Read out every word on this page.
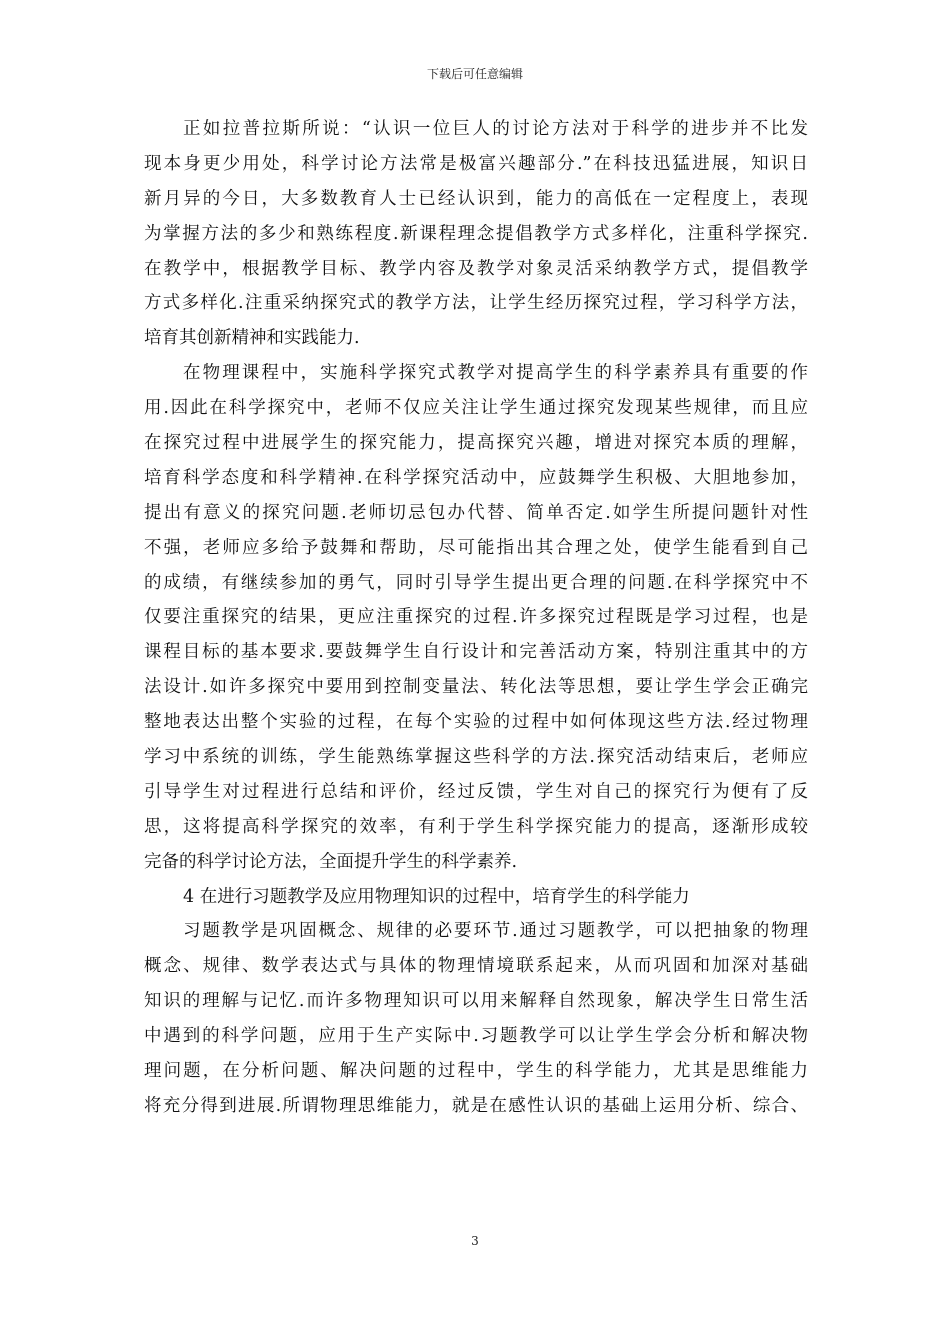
下载后可任意编辑
正如拉普拉斯所说：“认识一位巨人的讨论方法对于科学的进步并不比发
现本身更少用处，科学讨论方法常是极富兴趣部分.”在科技迅猛进展，知识日
新月异的今日，大多数教育人士已经认识到，能力的高低在一定程度上，表现
为掌握方法的多少和熟练程度.新课程理念提倡教学方式多样化，注重科学探究.
在教学中，根据教学目标、教学内容及教学对象灵活采纳教学方式，提倡教学
方式多样化.注重采纳探究式的教学方法，让学生经历探究过程，学习科学方法，
培育其创新精神和实践能力.
在物理课程中，实施科学探究式教学对提高学生的科学素养具有重要的作
用.因此在科学探究中，老师不仅应关注让学生通过探究发现某些规律，而且应
在探究过程中进展学生的探究能力，提高探究兴趣，增进对探究本质的理解，
培育科学态度和科学精神.在科学探究活动中，应鼓舞学生积极、大胆地参加，
提出有意义的探究问题.老师切忌包办代替、简单否定.如学生所提问题针对性
不强，老师应多给予鼓舞和帮助，尽可能指出其合理之处，使学生能看到自己
的成绩，有继续参加的勇气，同时引导学生提出更合理的问题.在科学探究中不
仅要注重探究的结果，更应注重探究的过程.许多探究过程既是学习过程，也是
课程目标的基本要求.要鼓舞学生自行设计和完善活动方案，特别注重其中的方
法设计.如许多探究中要用到控制变量法、转化法等思想，要让学生学会正确完
整地表达出整个实验的过程，在每个实验的过程中如何体现这些方法.经过物理
学习中系统的训练，学生能熟练掌握这些科学的方法.探究活动结束后，老师应
引导学生对过程进行总结和评价，经过反馈，学生对自己的探究行为便有了反
思，这将提高科学探究的效率，有利于学生科学探究能力的提高，逐渐形成较
完备的科学讨论方法，全面提升学生的科学素养.
4 在进行习题教学及应用物理知识的过程中，培育学生的科学能力
习题教学是巩固概念、规律的必要环节.通过习题教学，可以把抽象的物理
概念、规律、数学表达式与具体的物理情境联系起来，从而巩固和加深对基础
知识的理解与记忆.而许多物理知识可以用来解释自然现象，解决学生日常生活
中遇到的科学问题，应用于生产实际中.习题教学可以让学生学会分析和解决物
理问题，在分析问题、解决问题的过程中，学生的科学能力，尤其是思维能力
将充分得到进展.所谓物理思维能力，就是在感性认识的基础上运用分析、综合、
3
